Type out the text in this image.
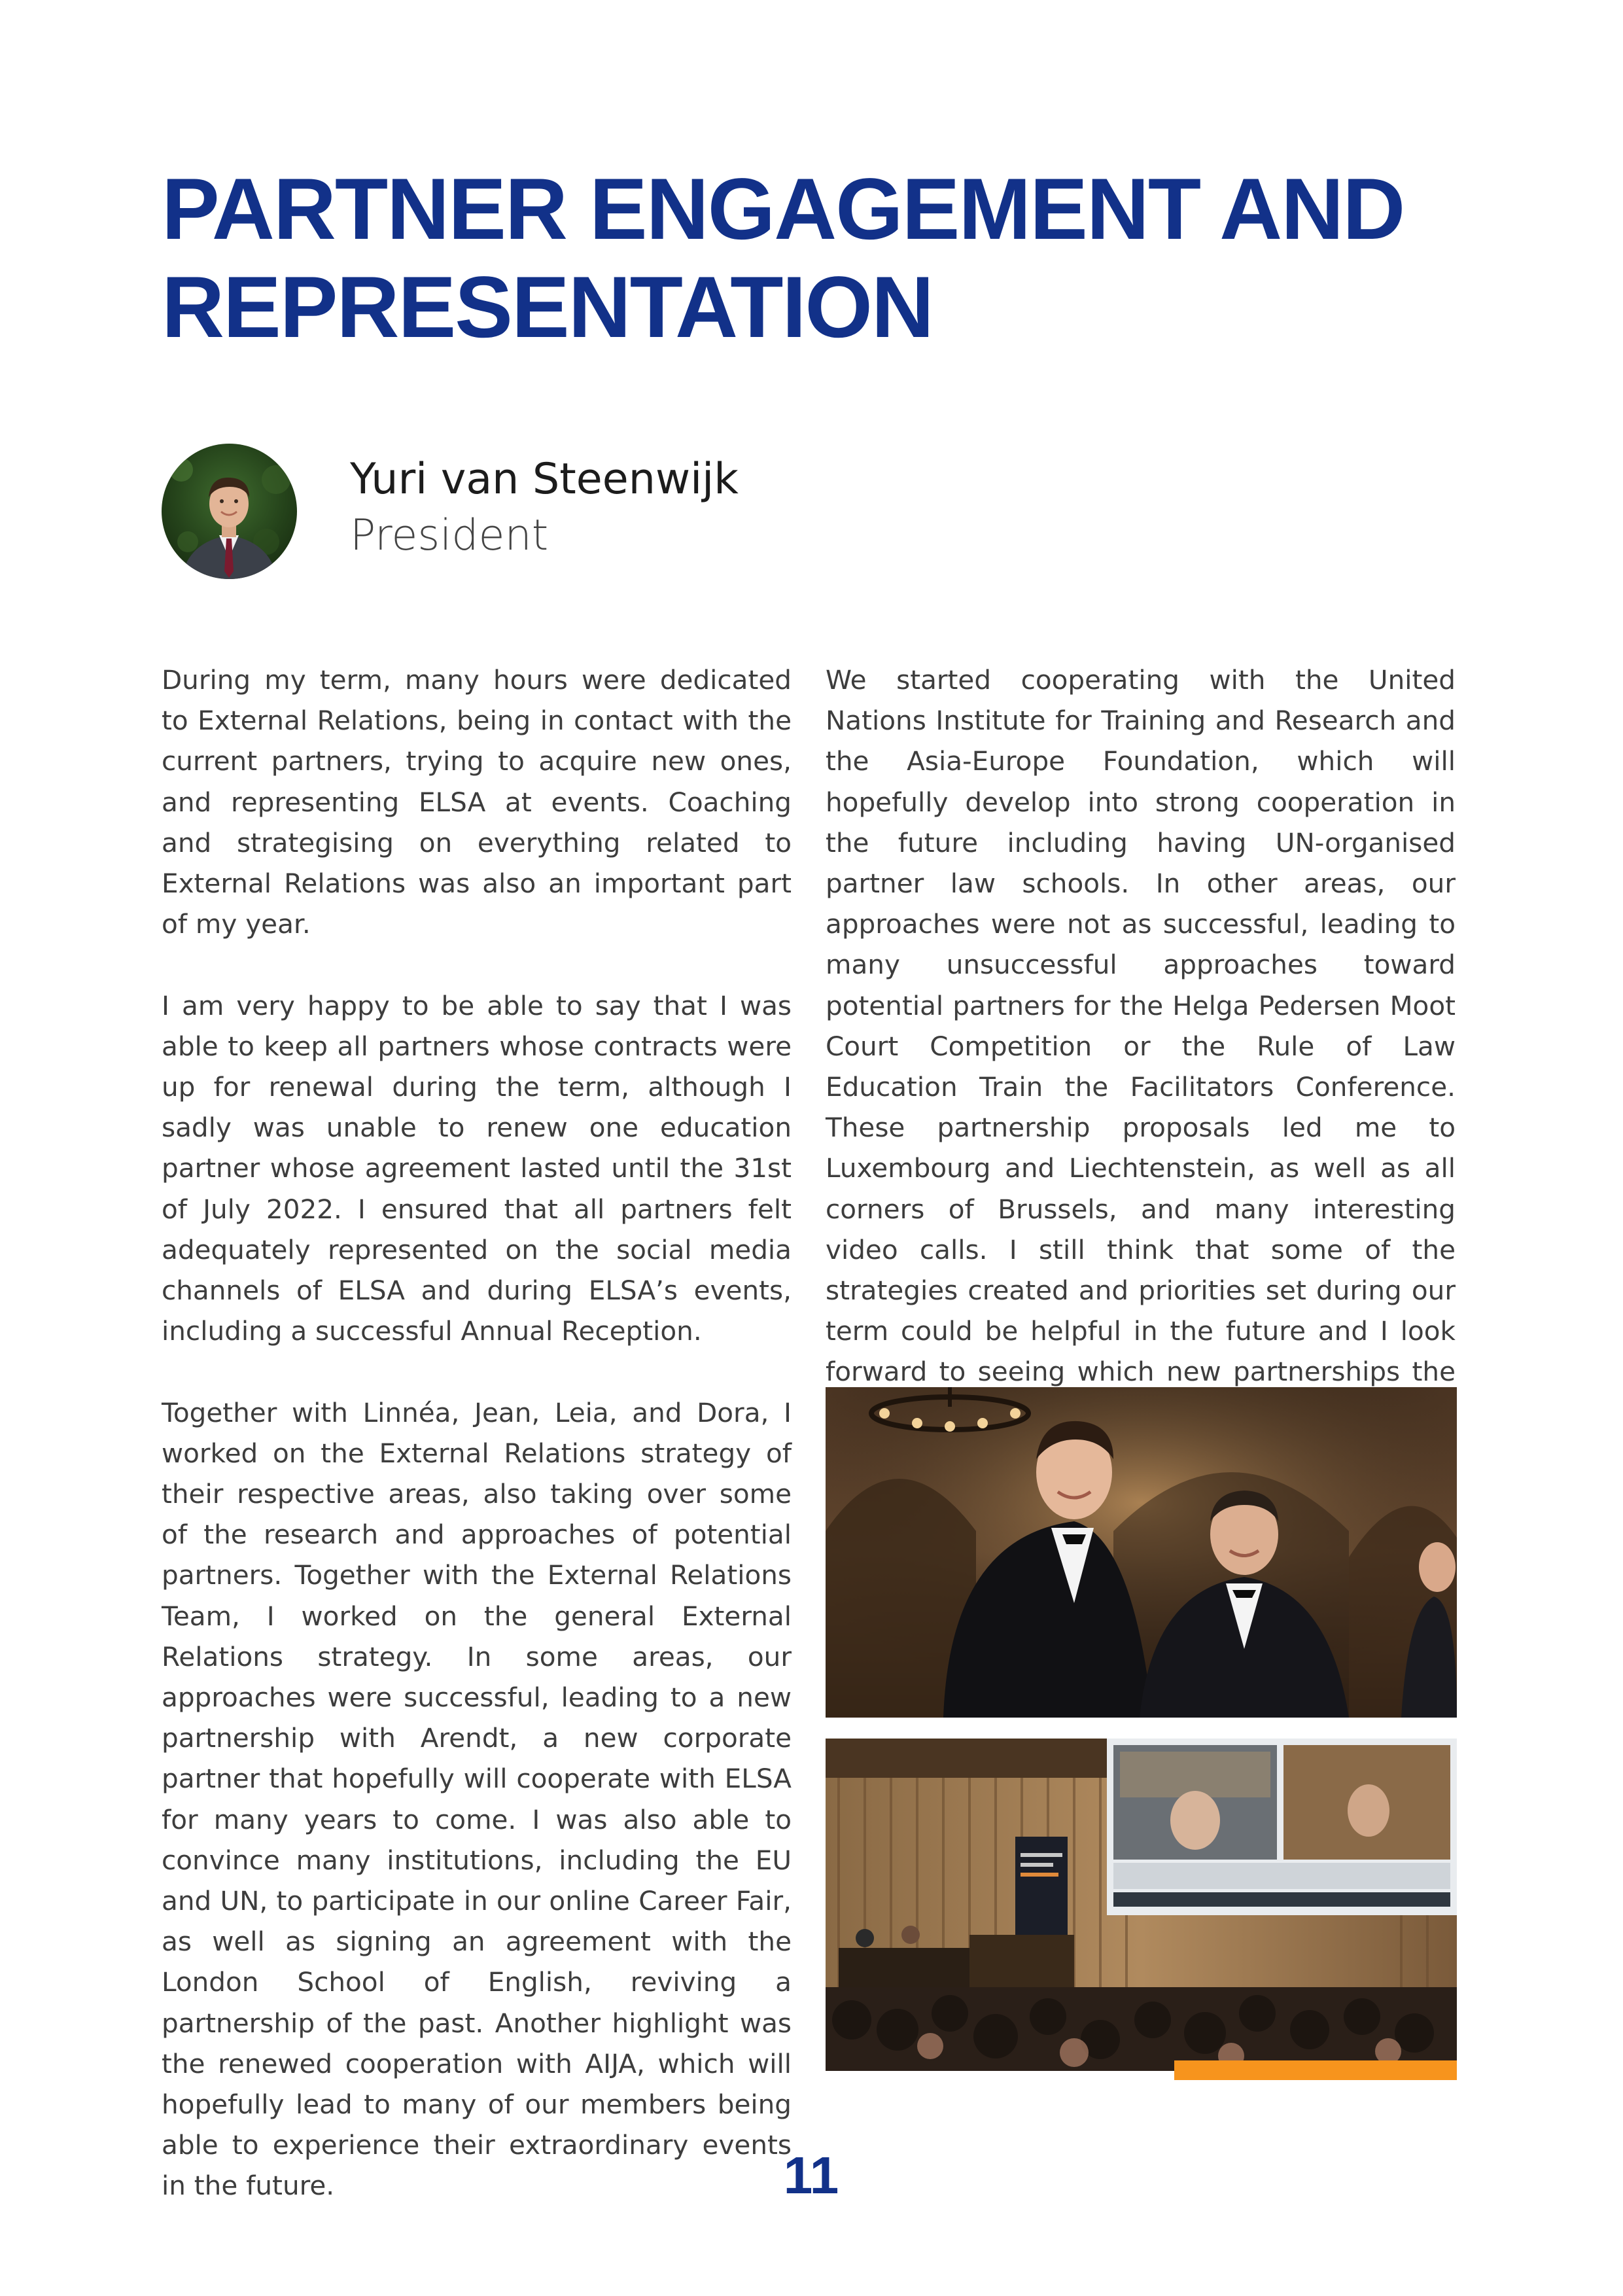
PARTNER ENGAGEMENT AND
REPRESENTATION
Yuri van Steenwijk
President

During my term, many hours were dedicated to External Relations, being in contact with the current partners, trying to acquire new ones, and representing ELSA at events. Coaching and strategising on everything related to External Relations was also an important part of my year.

I am very happy to be able to say that I was able to keep all partners whose contracts were up for renewal during the term, although I sadly was unable to renew one education partner whose agreement lasted until the 31st of July 2022. I ensured that all partners felt adequately represented on the social media channels of ELSA and during ELSA’s events, including a successful Annual Reception.

Together with Linnéa, Jean, Leia, and Dora, I worked on the External Relations strategy of their respective areas, also taking over some of the research and approaches of potential partners. Together with the External Relations Team, I worked on the general External Relations strategy. In some areas, our approaches were successful, leading to a new partnership with Arendt, a new corporate partner that hopefully will cooperate with ELSA for many years to come. I was also able to convince many institutions, including the EU and UN, to participate in our online Career Fair, as well as signing an agreement with the London School of English, reviving a partnership of the past. Another highlight was the renewed cooperation with AIJA, which will hopefully lead to many of our members being able to experience their extraordinary events in the future.

We started cooperating with the United Nations Institute for Training and Research and the Asia-Europe Foundation, which will hopefully develop into strong cooperation in the future including having UN-organised partner law schools. In other areas, our approaches were not as successful, leading to many unsuccessful approaches toward potential partners for the Helga Pedersen Moot Court Competition or the Rule of Law Education Train the Facilitators Conference. These partnership proposals led me to Luxembourg and Liechtenstein, as well as all corners of Brussels, and many interesting video calls. I still think that some of the strategies created and priorities set during our term could be helpful in the future and I look forward to seeing which new partnerships the

11
